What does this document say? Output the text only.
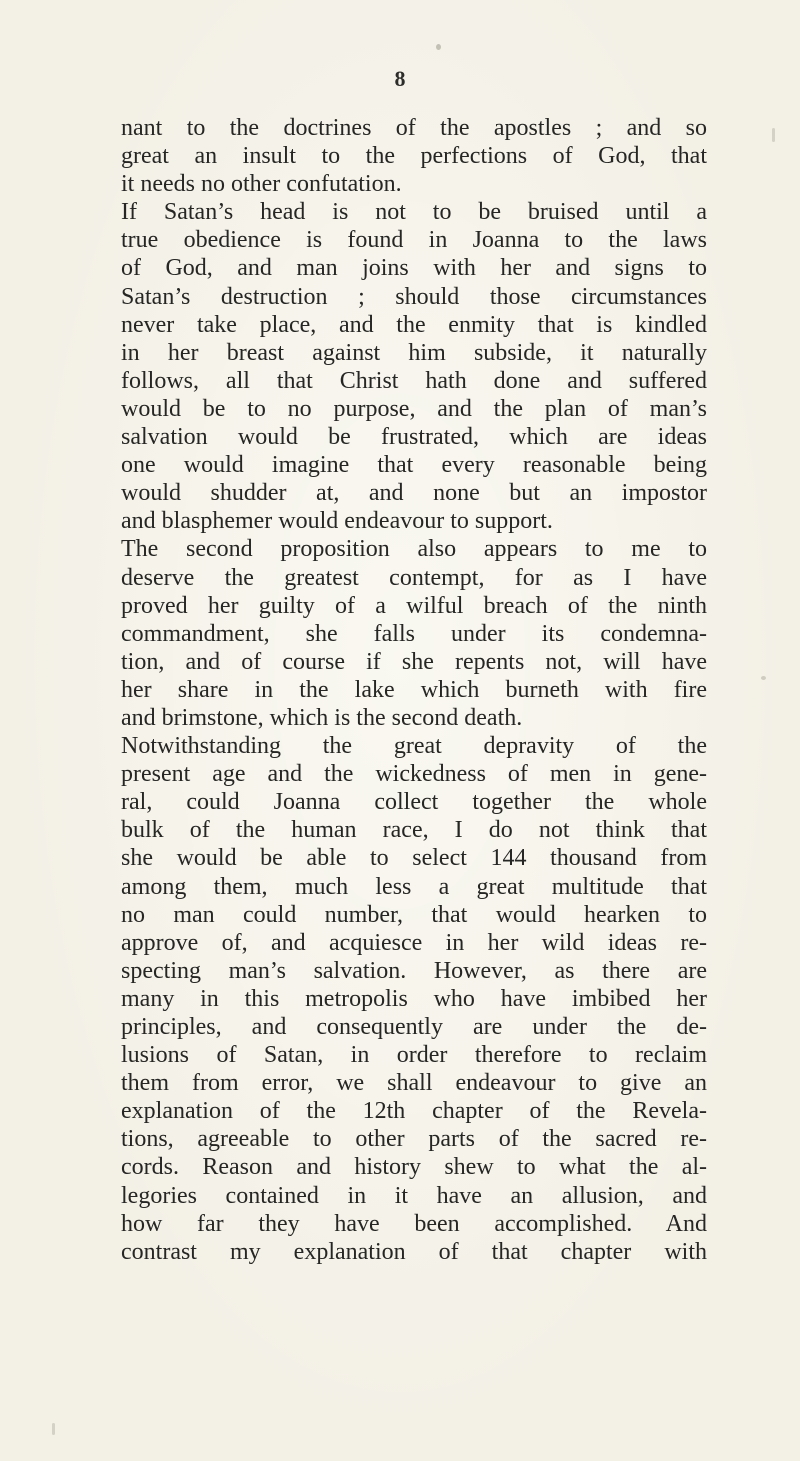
8
nant to the doctrines of the apostles ; and so
great an insult to the perfections of God, that
it needs no other confutation.
If Satan’s head is not to be bruised until a
true obedience is found in Joanna to the laws
of God, and man joins with her and signs to
Satan’s destruction ; should those circumstances
never take place, and the enmity that is kindled
in her breast against him subside, it naturally
follows, all that Christ hath done and suffered
would be to no purpose, and the plan of man’s
salvation would be frustrated, which are ideas
one would imagine that every reasonable being
would shudder at, and none but an impostor
and blasphemer would endeavour to support.
The second proposition also appears to me to
deserve the greatest contempt, for as I have
proved her guilty of a wilful breach of the ninth
commandment, she falls under its condemna-
tion, and of course if she repents not, will have
her share in the lake which burneth with fire
and brimstone, which is the second death.
Notwithstanding the great depravity of the
present age and the wickedness of men in gene-
ral, could Joanna collect together the whole
bulk of the human race, I do not think that
she would be able to select 144 thousand from
among them, much less a great multitude that
no man could number, that would hearken to
approve of, and acquiesce in her wild ideas re-
specting man’s salvation. However, as there are
many in this metropolis who have imbibed her
principles, and consequently are under the de-
lusions of Satan, in order therefore to reclaim
them from error, we shall endeavour to give an
explanation of the 12th chapter of the Revela-
tions, agreeable to other parts of the sacred re-
cords. Reason and history shew to what the al-
legories contained in it have an allusion, and
how far they have been accomplished. And
contrast my explanation of that chapter with
